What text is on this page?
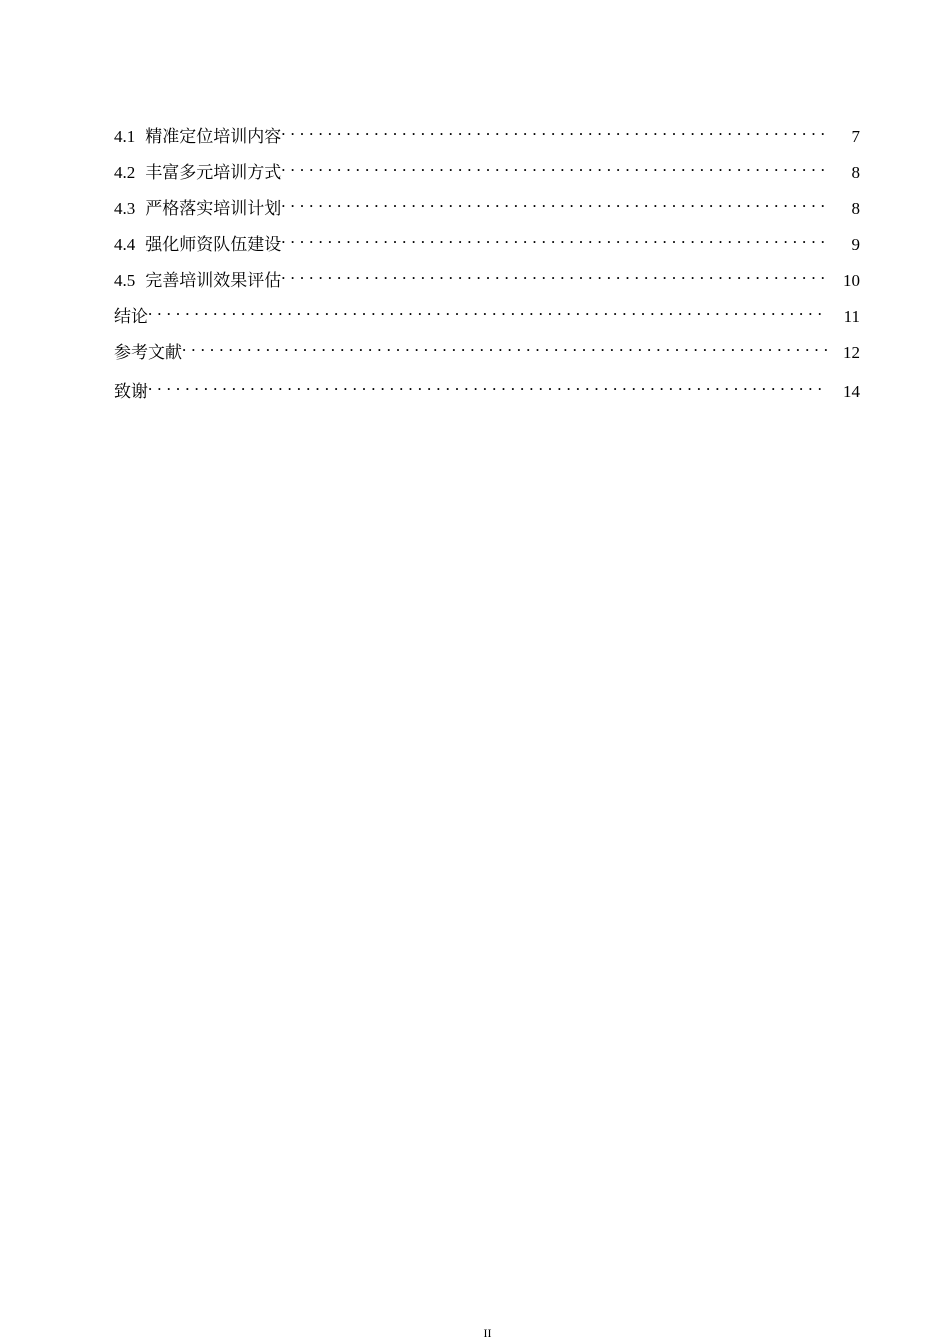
4.1 精准定位培训内容 . . .	7
4.2 丰富多元培训方式 . . .	8
4.3 严格落实培训计划 . . .	8
4.4 强化师资队伍建设 . . .	9
4.5 完善培训效果评估 . . .	10
结论 . . .	11
参考文献 . . .	12
致谢 . . .	14
II
